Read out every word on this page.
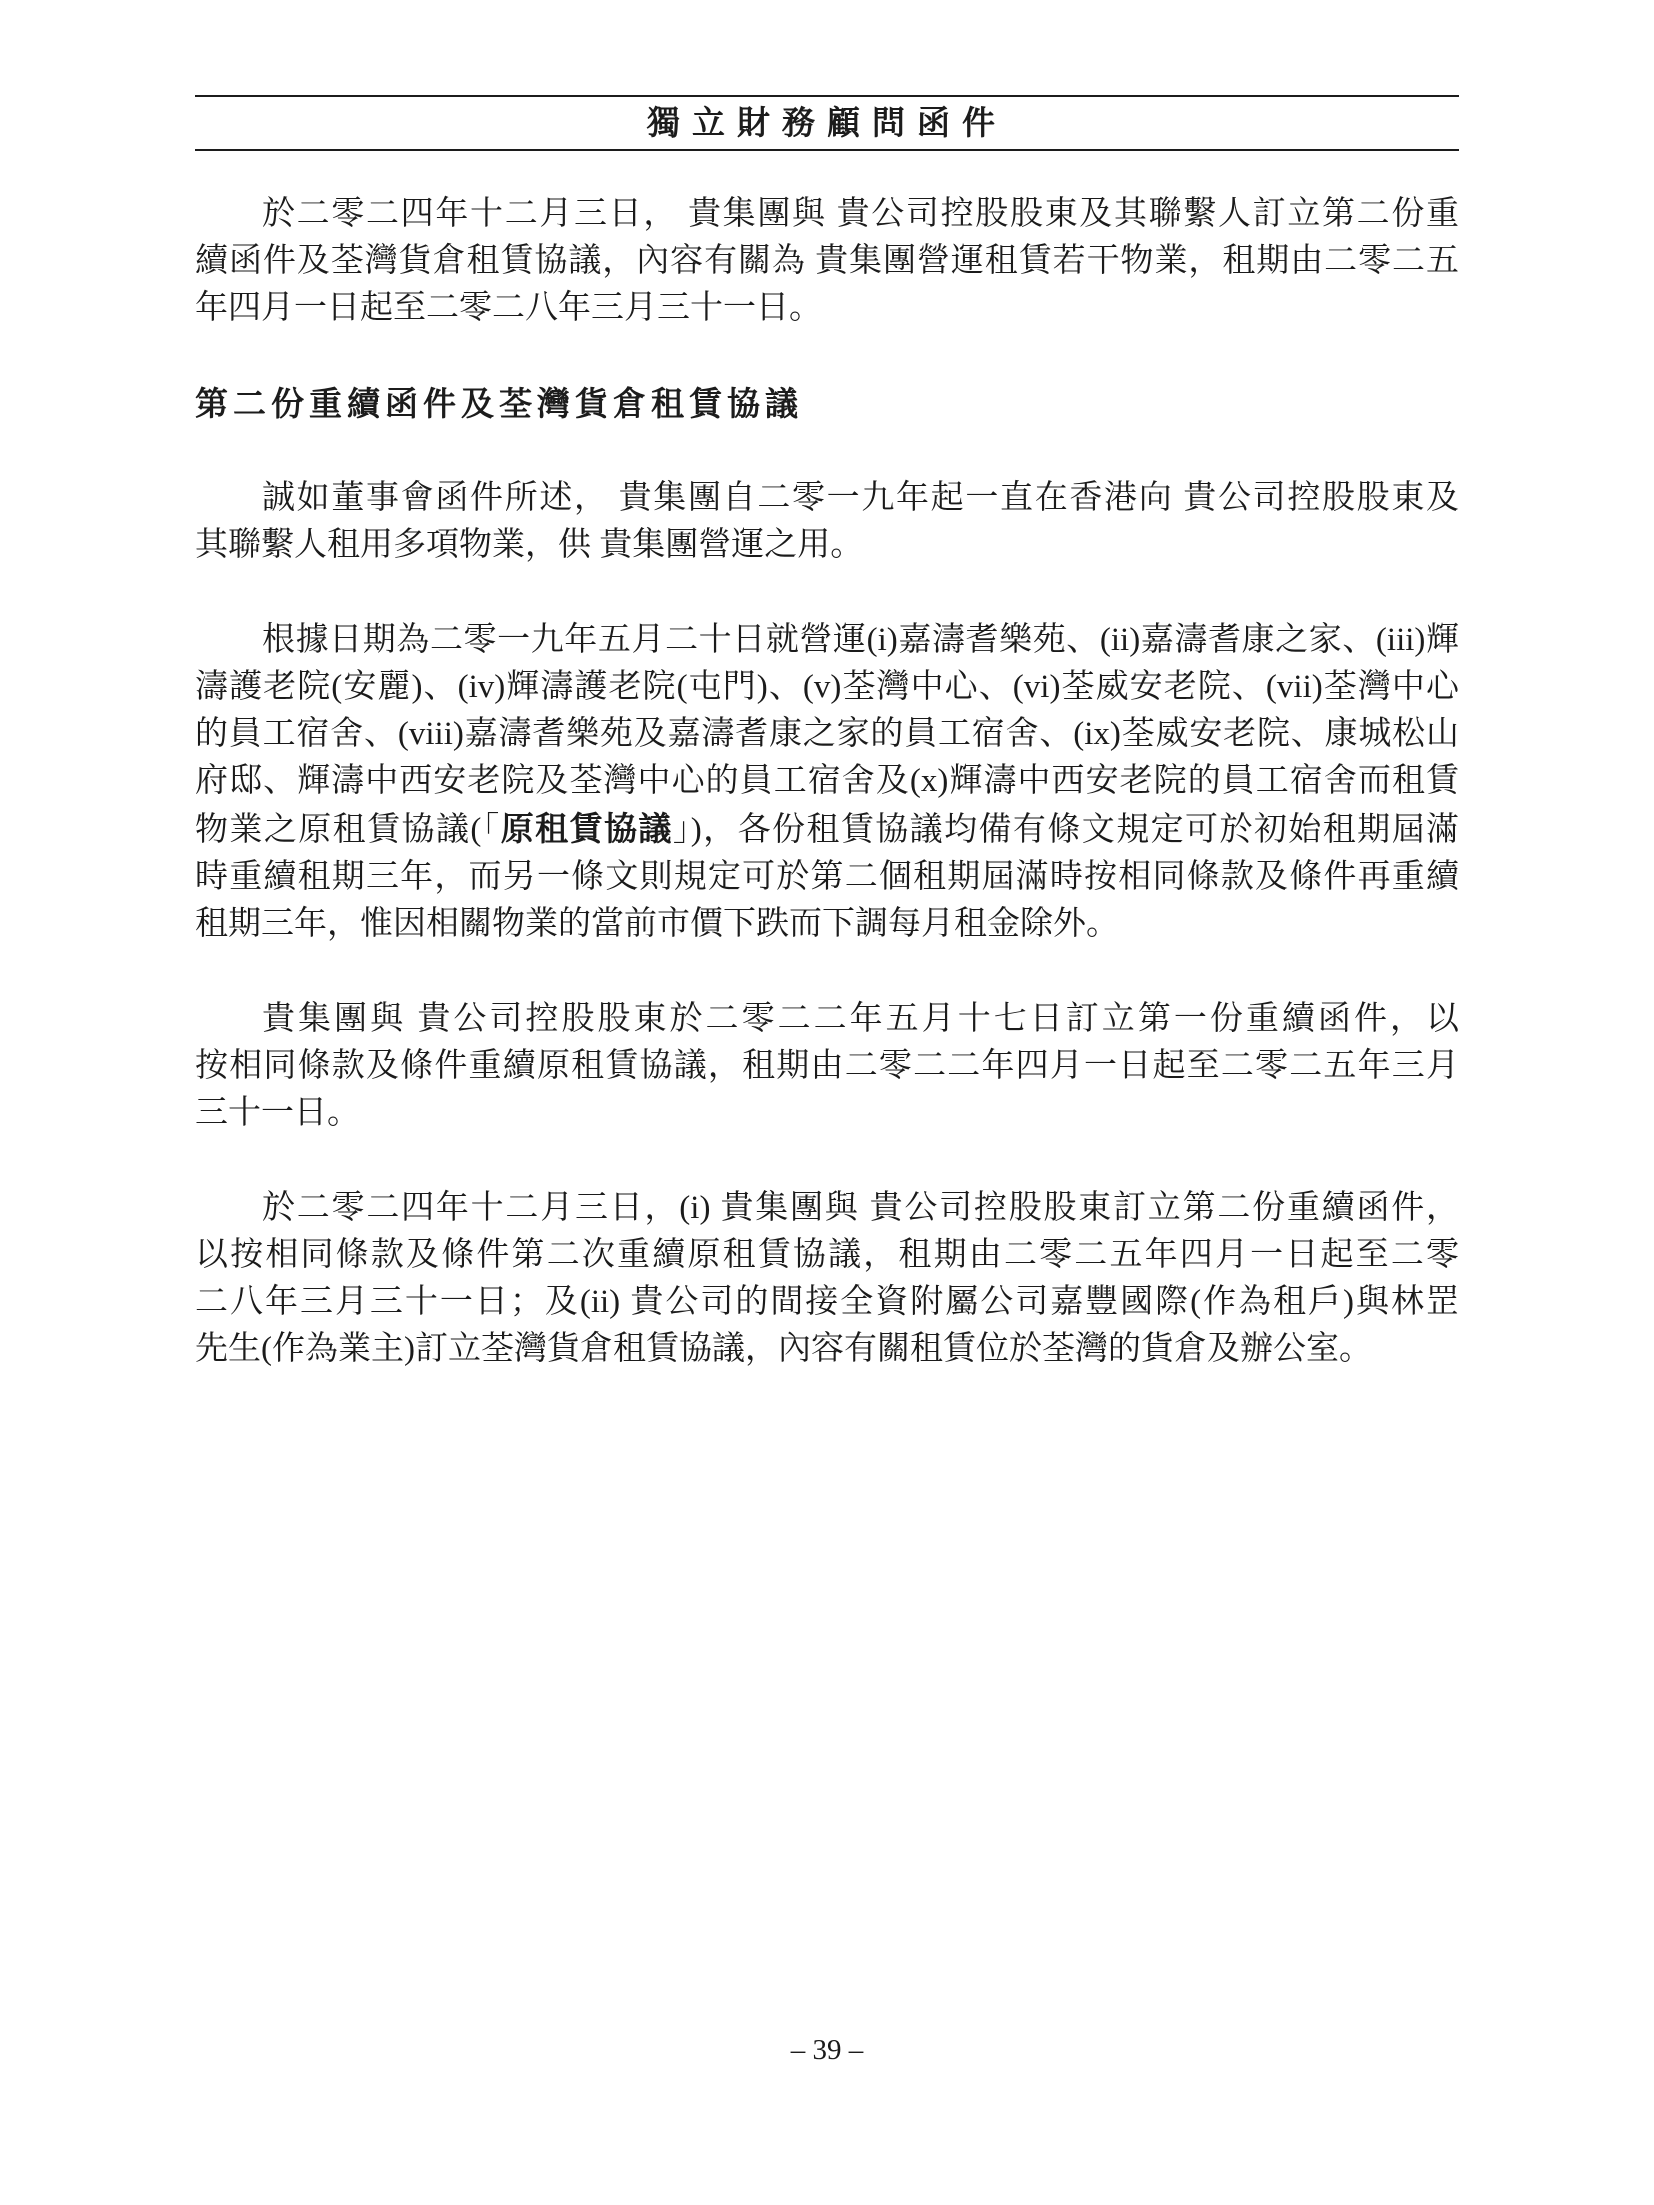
獨立財務顧問函件
於二零二四年十二月三日， 貴集團與 貴公司控股股東及其聯繫人訂立第二份重
續函件及荃灣貨倉租賃協議，內容有關為 貴集團營運租賃若干物業，租期由二零二五
年四月一日起至二零二八年三月三十一日。
第二份重續函件及荃灣貨倉租賃協議
誠如董事會函件所述， 貴集團自二零一九年起一直在香港向 貴公司控股股東及
其聯繫人租用多項物業，供 貴集團營運之用。
根據日期為二零一九年五月二十日就營運(i)嘉濤耆樂苑、(ii)嘉濤耆康之家、(iii)輝
濤護老院(安麗)、(iv)輝濤護老院(屯門)、(v)荃灣中心、(vi)荃威安老院、(vii)荃灣中心
的員工宿舍、(viii)嘉濤耆樂苑及嘉濤耆康之家的員工宿舍、(ix)荃威安老院、康城松山
府邸、輝濤中西安老院及荃灣中心的員工宿舍及(x)輝濤中西安老院的員工宿舍而租賃
物業之原租賃協議(「原租賃協議」)，各份租賃協議均備有條文規定可於初始租期屆滿
時重續租期三年，而另一條文則規定可於第二個租期屆滿時按相同條款及條件再重續
租期三年，惟因相關物業的當前市價下跌而下調每月租金除外。
貴集團與 貴公司控股股東於二零二二年五月十七日訂立第一份重續函件，以
按相同條款及條件重續原租賃協議，租期由二零二二年四月一日起至二零二五年三月
三十一日。
於二零二四年十二月三日，(i) 貴集團與 貴公司控股股東訂立第二份重續函件，
以按相同條款及條件第二次重續原租賃協議，租期由二零二五年四月一日起至二零
二八年三月三十一日；及(ii) 貴公司的間接全資附屬公司嘉豐國際(作為租戶)與林罡
先生(作為業主)訂立荃灣貨倉租賃協議，內容有關租賃位於荃灣的貨倉及辦公室。
– 39 –
